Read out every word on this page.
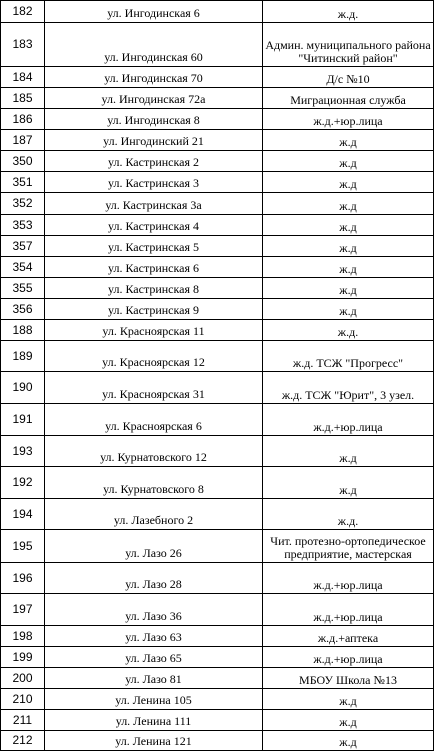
182	ул. Ингодинская 6	ж.д.
183	ул. Ингодинская 60	Админ. муниципального района "Читинский район"
184	ул. Ингодинская 70	Д/с №10
185	ул. Ингодинская 72а	Миграционная служба
186	ул. Ингодинская 8	ж.д.+юр.лица
187	ул. Ингодинский 21	ж.д
350	ул. Кастринская 2	ж.д
351	ул. Кастринская 3	ж.д
352	ул. Кастринская 3а	ж.д
353	ул. Кастринская 4	ж.д
357	ул. Кастринская 5	ж.д
354	ул. Кастринская 6	ж.д
355	ул. Кастринская 8	ж.д
356	ул. Кастринская 9	ж.д
188	ул. Красноярская 11	ж.д.
189	ул. Красноярская 12	ж.д. ТСЖ "Прогресс"
190	ул. Красноярская 31	ж.д. ТСЖ "Юрит", 3 узел.
191	ул. Красноярская 6	ж.д.+юр.лица
193	ул. Курнатовского 12	ж.д
192	ул. Курнатовского 8	ж.д
194	ул. Лазебного 2	ж.д.
195	ул. Лазо 26	Чит. протезно-ортопедическое предприятие, мастерская
196	ул. Лазо 28	ж.д.+юр.лица
197	ул. Лазо 36	ж.д.+юр.лица
198	ул. Лазо 63	ж.д.+аптека
199	ул. Лазо 65	ж.д.+юр.лица
200	ул. Лазо 81	МБОУ Школа №13
210	ул. Ленина 105	ж.д
211	ул. Ленина 111	ж.д
212	ул. Ленина 121	ж.д
